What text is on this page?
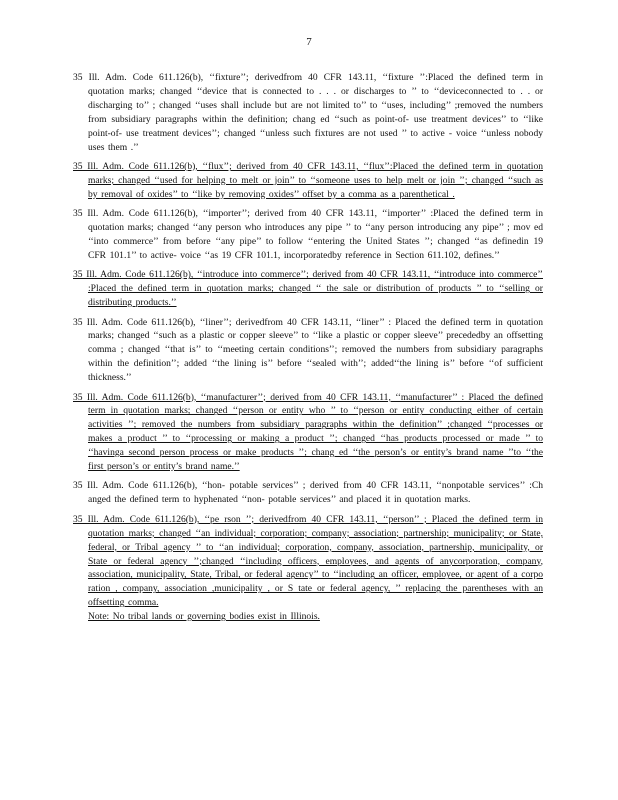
7

35 Ill. Adm. Code 611.126(b), ‘‘fixture’’; derivedfrom 40 CFR 143.11, ‘‘fixture ’’:Placed the defined term in quotation marks; changed ‘‘device that is connected to . . . or discharges to ’’ to ‘‘deviceconnected to . . or discharging to’’ ; changed ‘‘uses shall include but are not limited to’’ to ‘‘uses, including’’ ;removed the numbers from subsidiary paragraphs within the definition; chang ed ‘‘such as point-of- use treatment devices’’ to ‘‘like point-of- use treatment devices’’; changed ‘‘unless such fixtures are not used ’’ to active - voice ‘‘unless nobody uses them .’’

35 Ill. Adm. Code 611.126(b), ‘‘flux’’; derived from 40 CFR 143.11, ‘‘flux’’:Placed the defined term in quotation marks; changed ‘‘used for helping to melt or join’’ to ‘‘someone uses to help melt or join ’’; changed ‘‘such as by removal of oxides’’ to ‘‘like by removing oxides’’ offset by a comma as a parenthetical .

35 Ill. Adm. Code 611.126(b), ‘‘importer’’; derived from 40 CFR 143.11, ‘‘importer’’ :Placed the defined term in quotation marks; changed ‘‘any person who introduces any pipe ’’ to ‘‘any person introducing any pipe’’ ; mov ed ‘‘into commerce’’ from before ‘‘any pipe’’ to follow ‘‘entering the United States ’’; changed ‘‘as definedin 19 CFR 101.1’’ to active- voice ‘‘as 19 CFR 101.1, incorporatedby reference in Section 611.102, defines.’’

35 Ill. Adm. Code 611.126(b), ‘‘introduce into commerce’’; derived from 40 CFR 143.11, ‘‘introduce into commerce’’ :Placed the defined term in quotation marks; changed ‘‘ the sale or distribution of products ’’ to ‘‘selling or distributing products.’’

35 Ill. Adm. Code 611.126(b), ‘‘liner’’; derivedfrom 40 CFR 143.11, ‘‘liner’’ : Placed the defined term in quotation marks; changed ‘‘such as a plastic or copper sleeve’’ to ‘‘like a plastic or copper sleeve’’ precededby an offsetting comma ; changed ‘‘that is’’ to ‘‘meeting certain conditions’’; removed the numbers from subsidiary paragraphs within the definition’’; added ‘‘the lining is’’ before ‘‘sealed with’’; added‘‘the lining is’’ before ‘‘of sufficient thickness.’’

35 Ill. Adm. Code 611.126(b), ‘‘manufacturer’’; derived from 40 CFR 143.11, ‘‘manufacturer’’ : Placed the defined term in quotation marks; changed ‘‘person or entity who ’’ to ‘‘person or entity conducting either of certain activities ’’; removed the numbers from subsidiary paragraphs within the definition’’ ;changed ‘‘processes or makes a product ’’ to ‘‘processing or making a product ’’; changed ‘‘has products processed or made ’’ to ‘‘havinga second person process or make products ’’; chang ed ‘‘the person’s or entity’s brand name ’’to ‘‘the first person’s or entity’s brand name.’’

35 Ill. Adm. Code 611.126(b), ‘‘hon- potable services’’ ; derived from 40 CFR 143.11, ‘‘nonpotable services’’ :Ch anged the defined term to hyphenated ‘‘non- potable services’’ and placed it in quotation marks.

35 Ill. Adm. Code 611.126(b), ‘‘pe rson ’’; derivedfrom 40 CFR 143.11, ‘‘person’’ ; Placed the defined term in quotation marks; changed ‘‘an individual; corporation; company; association; partnership; municipality; or State, federal, or Tribal agency ’’ to ‘‘an individual; corporation, company, association, partnership, municipality, or State or federal agency ’’;changed ‘‘including officers, employees, and agents of anycorporation, company, association, municipality, State, Tribal, or federal agency’’ to ‘‘including an officer, employee, or agent of a corpo ration , company, association ,municipality , or S tate or federal agency, ’’ replacing the parentheses with an offsetting comma.
Note: No tribal lands or governing bodies exist in Illinois.
